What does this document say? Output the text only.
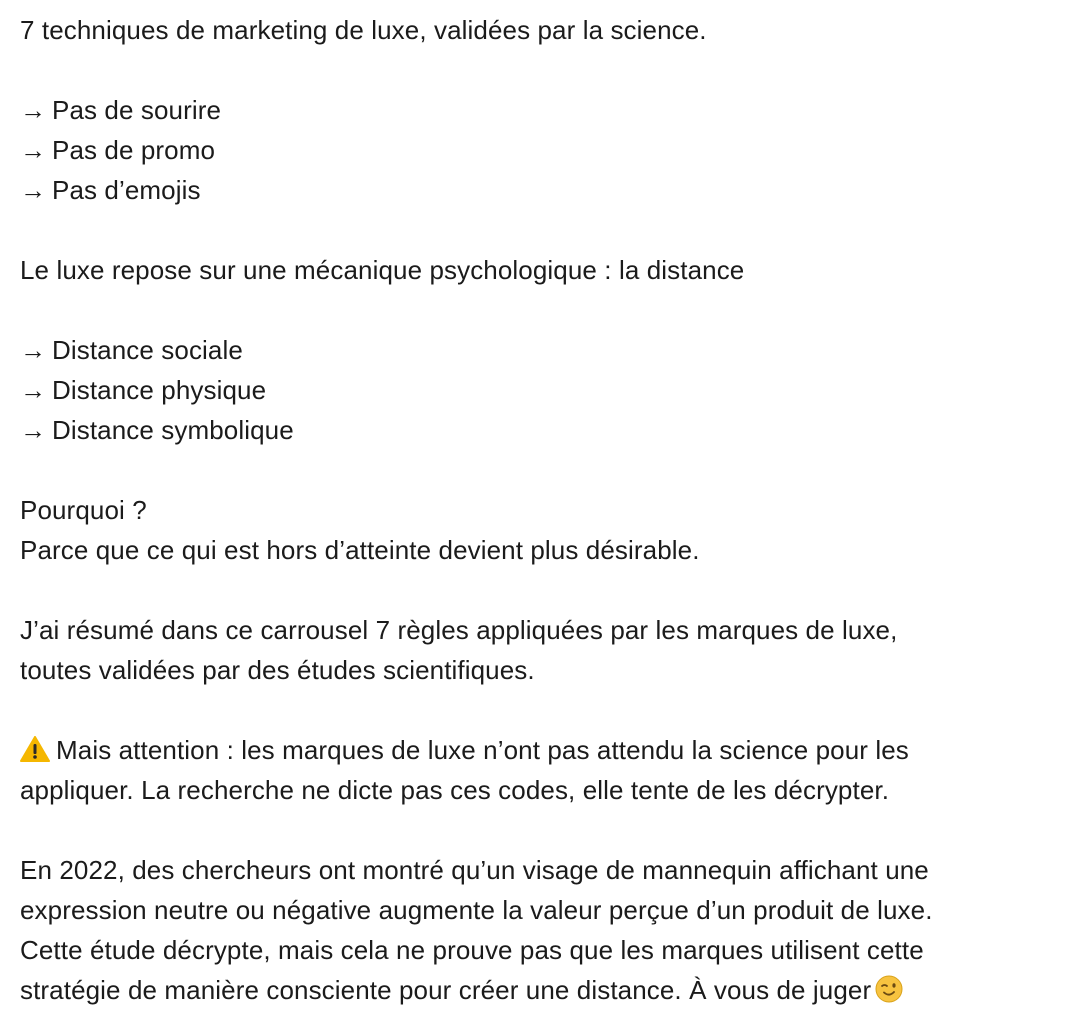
7 techniques de marketing de luxe, validées par la science.
→ Pas de sourire
→ Pas de promo
→ Pas d’emojis
Le luxe repose sur une mécanique psychologique : la distance
→ Distance sociale
→ Distance physique
→ Distance symbolique
Pourquoi ?
Parce que ce qui est hors d’atteinte devient plus désirable.
J’ai résumé dans ce carrousel 7 règles appliquées par les marques de luxe,
toutes validées par des études scientifiques.
Mais attention : les marques de luxe n’ont pas attendu la science pour les
appliquer. La recherche ne dicte pas ces codes, elle tente de les décrypter.
En 2022, des chercheurs ont montré qu’un visage de mannequin affichant une
expression neutre ou négative augmente la valeur perçue d’un produit de luxe.
Cette étude décrypte, mais cela ne prouve pas que les marques utilisent cette
stratégie de manière consciente pour créer une distance. À vous de juger
